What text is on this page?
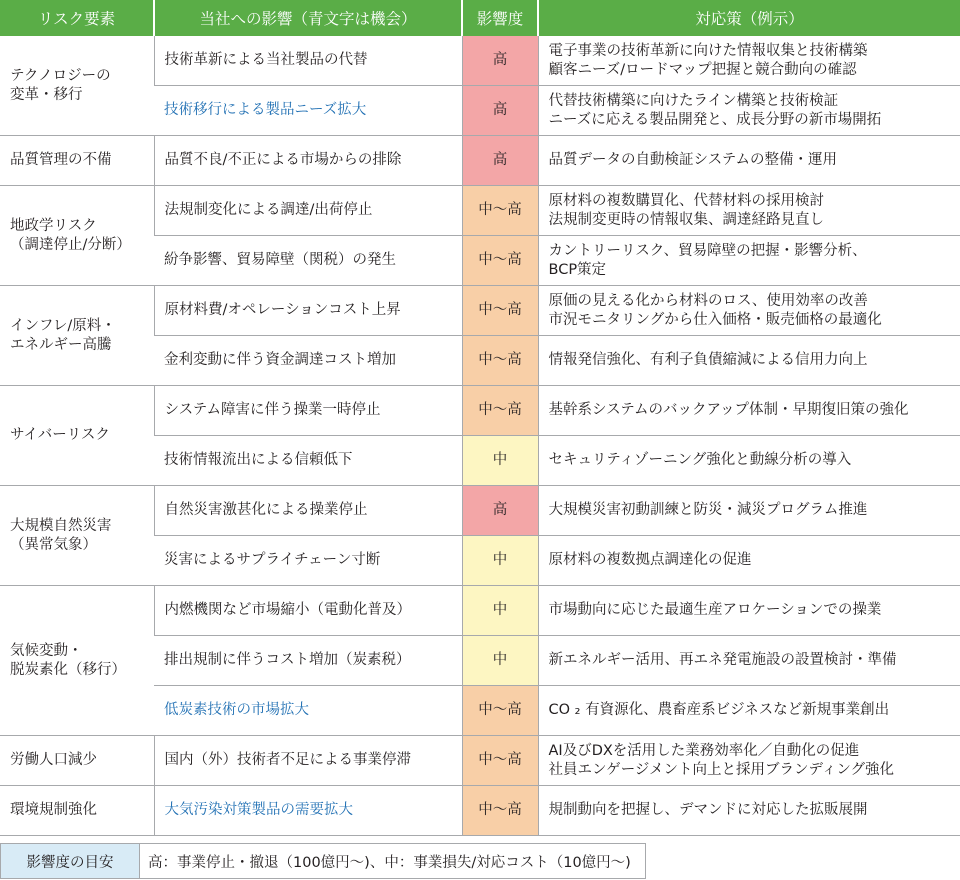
リスク要素	当社への影響（青文字は機会）	影響度	対応策（例示）
テクノロジーの
変革・移行	技術革新による当社製品の代替	高	電子事業の技術革新に向けた情報収集と技術構築
顧客ニーズ/ロードマップ把握と競合動向の確認
	技術移行による製品ニーズ拡大	高	代替技術構築に向けたライン構築と技術検証
ニーズに応える製品開発と、成長分野の新市場開拓
品質管理の不備	品質不良/不正による市場からの排除	高	品質データの自動検証システムの整備・運用
地政学リスク
（調達停止/分断）	法規制変化による調達/出荷停止	中～高	原材料の複数購買化、代替材料の採用検討
法規制変更時の情報収集、調達経路見直し
	紛争影響、貿易障壁（関税）の発生	中～高	カントリーリスク、貿易障壁の把握・影響分析、
BCP策定
インフレ/原料・
エネルギー高騰	原材料費/オペレーションコスト上昇	中～高	原価の見える化から材料のロス、使用効率の改善
市況モニタリングから仕入価格・販売価格の最適化
	金利変動に伴う資金調達コスト増加	中～高	情報発信強化、有利子負債縮減による信用力向上
サイバーリスク	システム障害に伴う操業一時停止	中～高	基幹系システムのバックアップ体制・早期復旧策の強化
	技術情報流出による信頼低下	中	セキュリティゾーニング強化と動線分析の導入
大規模自然災害
（異常気象）	自然災害激甚化による操業停止	高	大規模災害初動訓練と防災・減災プログラム推進
	災害によるサプライチェーン寸断	中	原材料の複数拠点調達化の促進
気候変動・
脱炭素化（移行）	内燃機関など市場縮小（電動化普及）	中	市場動向に応じた最適生産アロケーションでの操業
	排出規制に伴うコスト増加（炭素税）	中	新エネルギー活用、再エネ発電施設の設置検討・準備
	低炭素技術の市場拡大	中～高	CO ₂ 有資源化、農畜産系ビジネスなど新規事業創出
労働人口減少	国内（外）技術者不足による事業停滞	中～高	AI及びDXを活用した業務効率化／自動化の促進
社員エンゲージメント向上と採用ブランディング強化
環境規制強化	大気汚染対策製品の需要拡大	中～高	規制動向を把握し、デマンドに対応した拡販展開
影響度の目安	高：事業停止・撤退（100億円～)、中：事業損失/対応コスト（10億円～)
